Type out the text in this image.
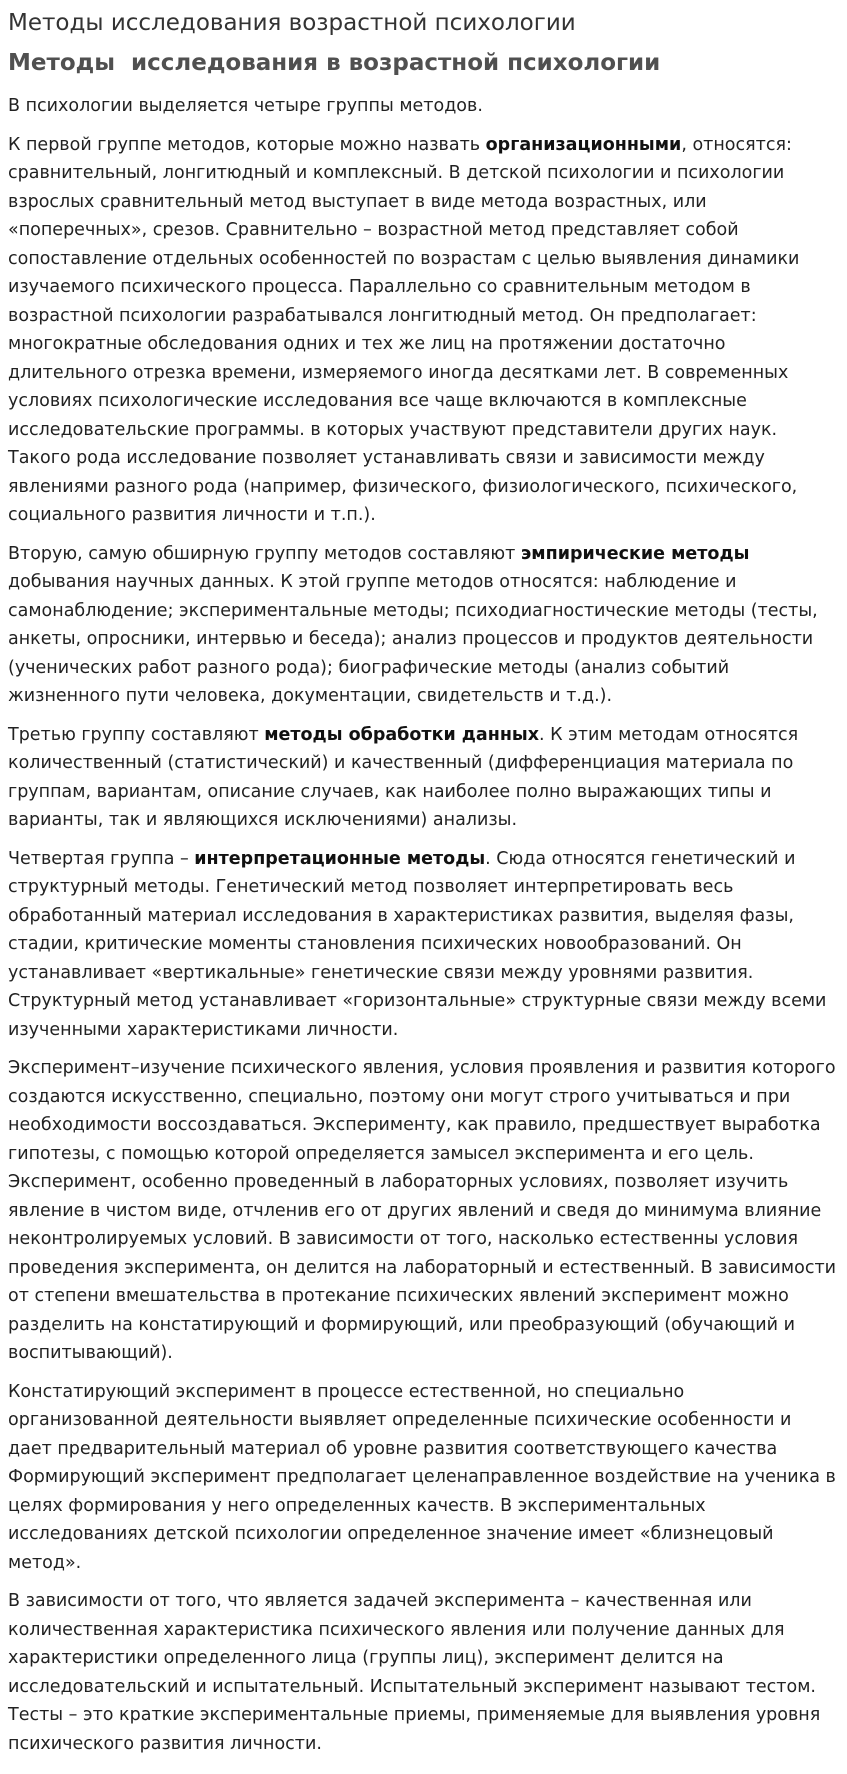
Методы исследования возрастной психологии
Методы  исследования в возрастной психологии

В психологии выделяется четыре группы методов.

К первой группе методов, которые можно назвать организационными, относятся: сравнительный, лонгитюдный и комплексный. В детской психологии и психологии взрослых сравнительный метод выступает в виде метода возрастных, или «поперечных», срезов. Сравнительно – возрастной метод представляет собой сопоставление отдельных особенностей по возрастам с целью выявления динамики изучаемого психического процесса. Параллельно со сравнительным методом в возрастной психологии разрабатывался лонгитюдный метод. Он предполагает: многократные обследования одних и тех же лиц на протяжении достаточно длительного отрезка времени, измеряемого иногда десятками лет. В современных условиях психологические исследования все чаще включаются в комплексные исследовательские программы. в которых участвуют представители других наук. Такого рода исследование позволяет устанавливать связи и зависимости между явлениями разного рода (например, физического, физиологического, психического, социального развития личности и т.п.).

Вторую, самую обширную группу методов составляют эмпирические методы добывания научных данных. К этой группе методов относятся: наблюдение и самонаблюдение; экспериментальные методы; психодиагностические методы (тесты, анкеты, опросники, интервью и беседа); анализ процессов и продуктов деятельности (ученических работ разного рода); биографические методы (анализ событий жизненного пути человека, документации, свидетельств и т.д.).

Третью группу составляют методы обработки данных. К этим методам относятся количественный (статистический) и качественный (дифференциация материала по группам, вариантам, описание случаев, как наиболее полно выражающих типы и варианты, так и являющихся исключениями) анализы.

Четвертая группа – интерпретационные методы. Сюда относятся генетический и структурный методы. Генетический метод позволяет интерпретировать весь обработанный материал исследования в характеристиках развития, выделяя фазы, стадии, критические моменты становления психических новообразований. Он устанавливает «вертикальные» генетические связи между уровнями развития. Структурный метод устанавливает «горизонтальные» структурные связи между всеми изученными характеристиками личности.

Эксперимент–изучение психического явления, условия проявления и развития которого создаются искусственно, специально, поэтому они могут строго учитываться и при необходимости воссоздаваться. Эксперименту, как правило, предшествует выработка гипотезы, с помощью которой определяется замысел эксперимента и его цель. Эксперимент, особенно проведенный в лабораторных условиях, позволяет изучить явление в чистом виде, отчленив его от других явлений и сведя до минимума влияние неконтролируемых условий. В зависимости от того, насколько естественны условия проведения эксперимента, он делится на лабораторный и естественный. В зависимости от степени вмешательства в протекание психических явлений эксперимент можно разделить на констатирующий и формирующий, или преобразующий (обучающий и воспитывающий).

Констатирующий эксперимент в процессе естественной, но специально организованной деятельности выявляет определенные психические особенности и дает предварительный материал об уровне развития соответствующего качества Формирующий эксперимент предполагает целенаправленное воздействие на ученика в целях формирования у него определенных качеств. В экспериментальных исследованиях детской психологии определенное значение имеет «близнецовый метод».

В зависимости от того, что является задачей эксперимента – качественная или количественная характеристика психического явления или получение данных для характеристики определенного лица (группы лиц), эксперимент делится на исследовательский и испытательный. Испытательный эксперимент называют тестом. Тесты – это краткие экспериментальные приемы, применяемые для выявления уровня психического развития личности.
